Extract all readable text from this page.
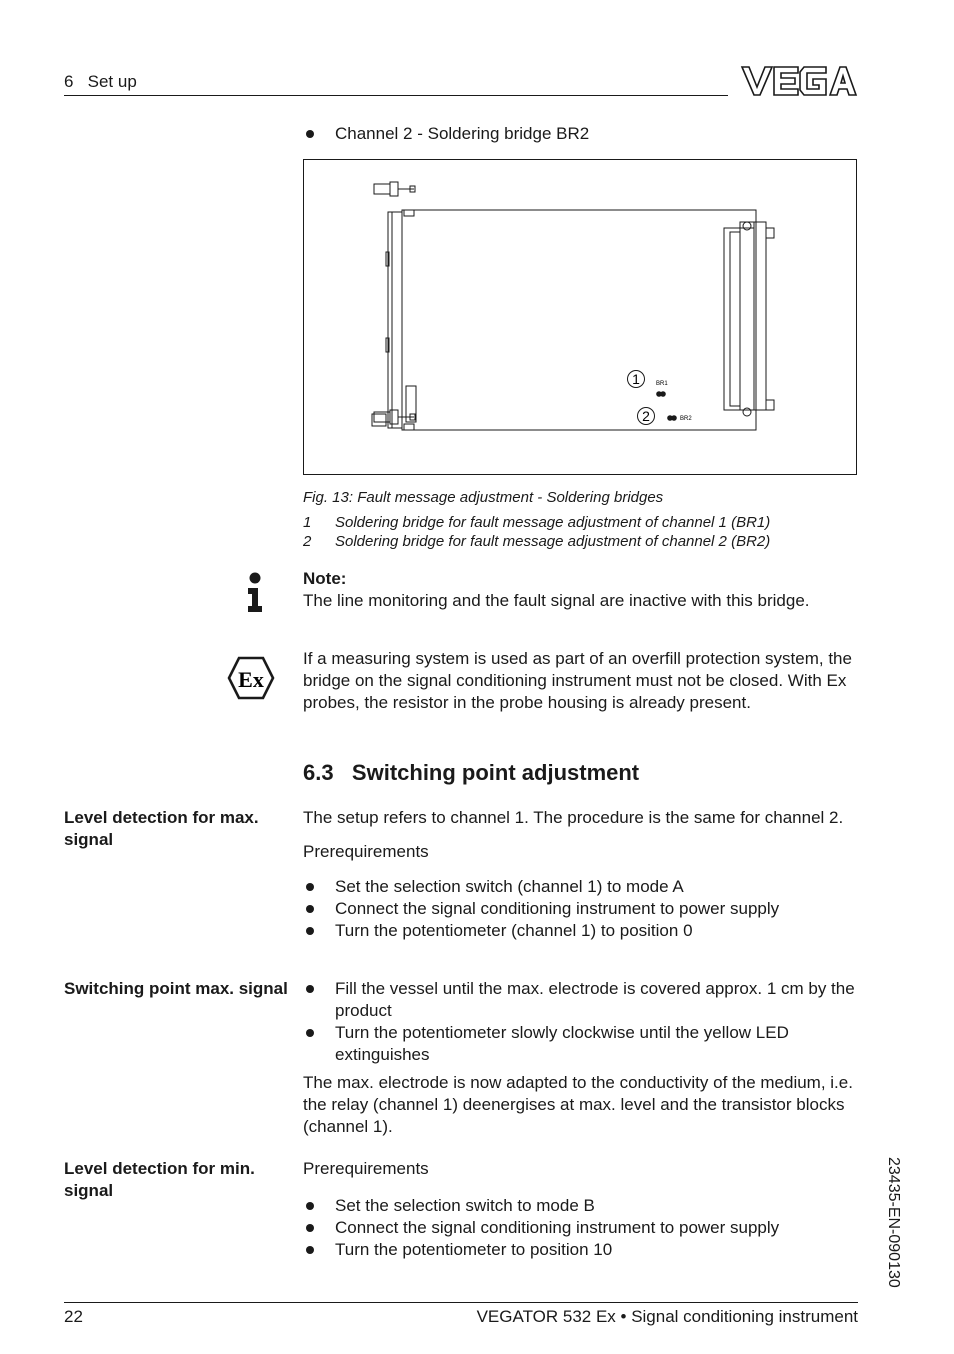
6   Set up
Channel 2 - Soldering bridge BR2
1
2
BR1
BR2
Fig. 13: Fault message adjustment - Soldering bridges
1	Soldering bridge for fault message adjustment of channel 1 (BR1)
2	Soldering bridge for fault message adjustment of channel 2 (BR2)
Note:
The line monitoring and the fault signal are inactive with this bridge.
Ex
If a measuring system is used as part of an overfill protection system, the bridge on the signal conditioning instrument must not be closed. With Ex probes, the resistor in the probe housing is already present.
6.3   Switching point adjustment
Level detection for max. signal

The setup refers to channel 1. The procedure is the same for channel 2.

Prerequirements

Set the selection switch (channel 1) to mode A
Connect the signal conditioning instrument to power supply
Turn the potentiometer (channel 1) to position 0
Switching point max. signal	Fill the vessel until the max. electrode is covered approx. 1 cm by the product
Turn the potentiometer slowly clockwise until the yellow LED extinguishes

The max. electrode is now adapted to the conductivity of the medium, i.e. the relay (channel 1) deenergises at max. level and the transistor blocks (channel 1).

Level detection for min. signal

Prerequirements

Set the selection switch to mode B
Connect the signal conditioning instrument to power supply
Turn the potentiometer to position 10	23435-EN-090130
22	VEGATOR 532 Ex • Signal conditioning instrument
